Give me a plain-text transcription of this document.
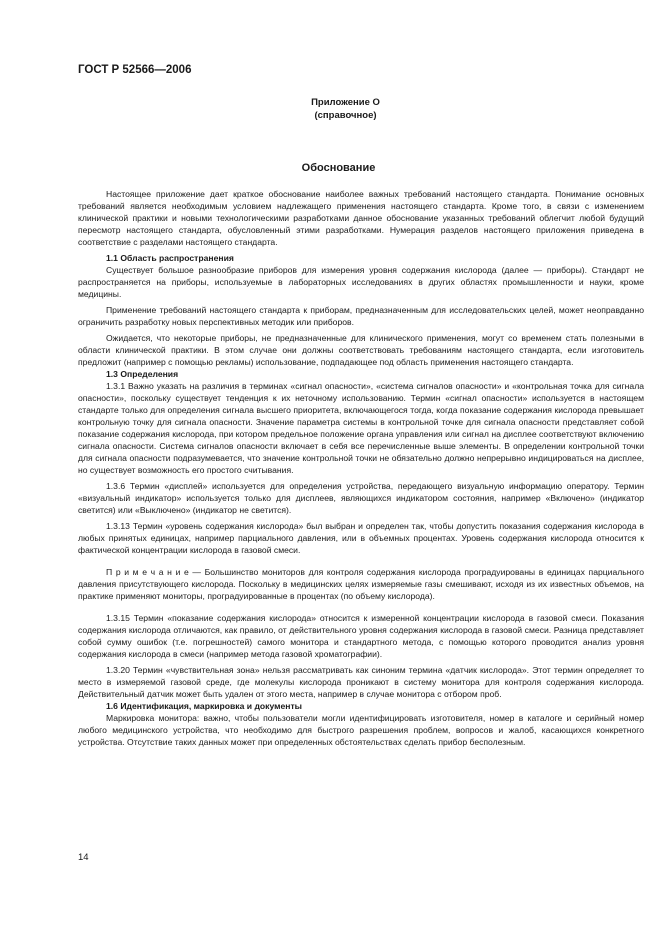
ГОСТ Р 52566—2006
Приложение О
(справочное)
Обоснование

Настоящее приложение дает краткое обоснование наиболее важных требований настоящего стандарта. Понимание основных требований является необходимым условием надлежащего применения настоящего стандарта. Кроме того, в связи с изменением клинической практики и новыми технологическими разработками данное обоснование указанных требований облегчит любой будущий пересмотр настоящего стандарта, обусловленный этими разработками. Нумерация разделов настоящего приложения приведена в соответствие с разделами настоящего стандарта.

1.1 Область распространения

Существует большое разнообразие приборов для измерения уровня содержания кислорода (далее — приборы). Стандарт не распространяется на приборы, используемые в лабораторных исследованиях в других областях промышленности и науки, кроме медицины.

Применение требований настоящего стандарта к приборам, предназначенным для исследовательских целей, может неоправданно ограничить разработку новых перспективных методик или приборов.

Ожидается, что некоторые приборы, не предназначенные для клинического применения, могут со временем стать полезными в области клинической практики. В этом случае они должны соответствовать требованиям настоящего стандарта, если изготовитель предложит (например с помощью рекламы) использование, подпадающее под область применения настоящего стандарта.

1.3 Определения

1.3.1 Важно указать на различия в терминах «сигнал опасности», «система сигналов опасности» и «контрольная точка для сигнала опасности», поскольку существует тенденция к их неточному использованию. Термин «сигнал опасности» используется в настоящем стандарте только для определения сигнала высшего приоритета, включающегося тогда, когда показание содержания кислорода превышает контрольную точку для сигнала опасности. Значение параметра системы в контрольной точке для сигнала опасности представляет собой показание содержания кислорода, при котором предельное положение органа управления или сигнал на дисплее соответствуют включению сигнала опасности. Система сигналов опасности включает в себя все перечисленные выше элементы. В определении контрольной точки для сигнала опасности подразумевается, что значение контрольной точки не обязательно должно непрерывно индицироваться на дисплее, но существует возможность его простого считывания.

1.3.6 Термин «дисплей» используется для определения устройства, передающего визуальную информацию оператору. Термин «визуальный индикатор» используется только для дисплеев, являющихся индикатором состояния, например «Включено» (индикатор светится) или «Выключено» (индикатор не светится).

1.3.13 Термин «уровень содержания кислорода» был выбран и определен так, чтобы допустить показания содержания кислорода в любых принятых единицах, например парциального давления, или в объемных процентах. Уровень содержания кислорода относится к фактической концентрации кислорода в газовой смеси.

П р и м е ч а н и е — Большинство мониторов для контроля содержания кислорода проградуированы в единицах парциального давления присутствующего кислорода. Поскольку в медицинских целях измеряемые газы смешивают, исходя из их известных объемов, на практике применяют мониторы, проградуированные в процентах (по объему кислорода).

1.3.15 Термин «показание содержания кислорода» относится к измеренной концентрации кислорода в газовой смеси. Показания содержания кислорода отличаются, как правило, от действительного уровня содержания кислорода в газовой смеси. Разница представляет собой сумму ошибок (т.е. погрешностей) самого монитора и стандартного метода, с помощью которого проводится анализ уровня содержания кислорода в смеси (например метода газовой хроматографии).

1.3.20 Термин «чувствительная зона» нельзя рассматривать как синоним термина «датчик кислорода». Этот термин определяет то место в измеряемой газовой среде, где молекулы кислорода проникают в систему монитора для контроля содержания кислорода. Действительный датчик может быть удален от этого места, например в случае монитора с отбором проб.

1.6 Идентификация, маркировка и документы

Маркировка монитора: важно, чтобы пользователи могли идентифицировать изготовителя, номер в каталоге и серийный номер любого медицинского устройства, что необходимо для быстрого разрешения проблем, вопросов и жалоб, касающихся конкретного устройства. Отсутствие таких данных может при определенных обстоятельствах сделать прибор бесполезным.

14
